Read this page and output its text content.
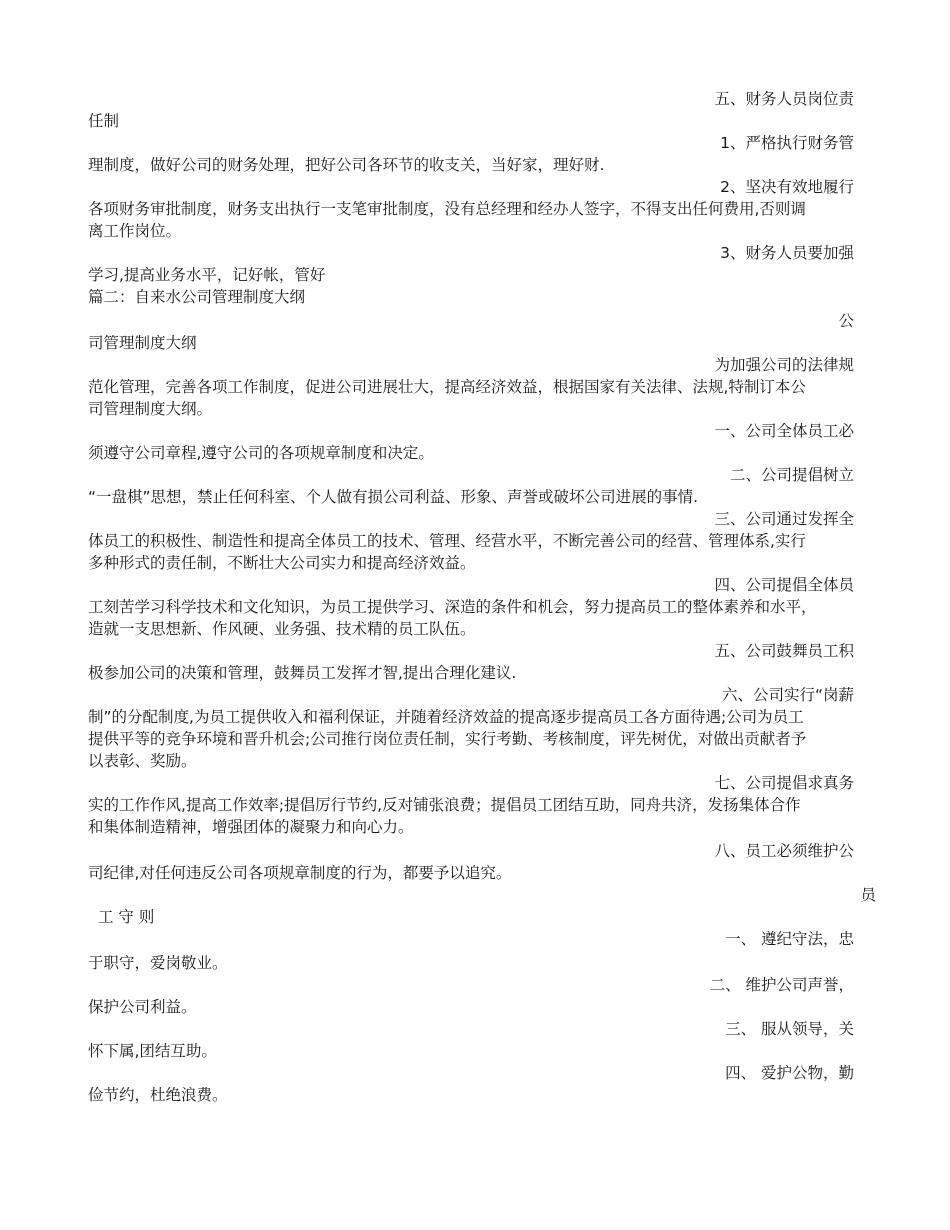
五、财务人员岗位责

任制

1、严格执行财务管

理制度，做好公司的财务处理，把好公司各环节的收支关，当好家，理好财.

2、坚决有效地履行

各项财务审批制度，财务支出执行一支笔审批制度，没有总经理和经办人签字，不得支出任何费用,否则调

离工作岗位。

3、财务人员要加强

学习,提高业务水平，记好帐，管好

篇二：自来水公司管理制度大纲

公

司管理制度大纲

为加强公司的法律规

范化管理，完善各项工作制度，促进公司进展壮大，提高经济效益，根据国家有关法律、法规,特制订本公

司管理制度大纲。

一、公司全体员工必

须遵守公司章程,遵守公司的各项规章制度和决定。

二、公司提倡树立

“一盘棋”思想，禁止任何科室、个人做有损公司利益、形象、声誉或破坏公司进展的事情.

三、公司通过发挥全

体员工的积极性、制造性和提高全体员工的技术、管理、经营水平，不断完善公司的经营、管理体系,实行

多种形式的责任制，不断壮大公司实力和提高经济效益。

四、公司提倡全体员

工刻苦学习科学技术和文化知识，为员工提供学习、深造的条件和机会，努力提高员工的整体素养和水平，

造就一支思想新、作风硬、业务强、技术精的员工队伍。

五、公司鼓舞员工积

极参加公司的决策和管理，鼓舞员工发挥才智,提出合理化建议.

六、公司实行“岗薪

制”的分配制度,为员工提供收入和福利保证，并随着经济效益的提高逐步提高员工各方面待遇;公司为员工

提供平等的竞争环境和晋升机会;公司推行岗位责任制，实行考勤、考核制度，评先树优，对做出贡献者予

以表彰、奖励。

七、公司提倡求真务

实的工作作风,提高工作效率;提倡厉行节约,反对铺张浪费；提倡员工团结互助，同舟共济，发扬集体合作

和集体制造精神，增强团体的凝聚力和向心力。

八、员工必须维护公

司纪律,对任何违反公司各项规章制度的行为，都要予以追究。

员

工 守 则

一、 遵纪守法，忠

于职守，爱岗敬业。

二、 维护公司声誉，

保护公司利益。

三、 服从领导，关

怀下属,团结互助。

四、 爱护公物，勤

俭节约，杜绝浪费。
